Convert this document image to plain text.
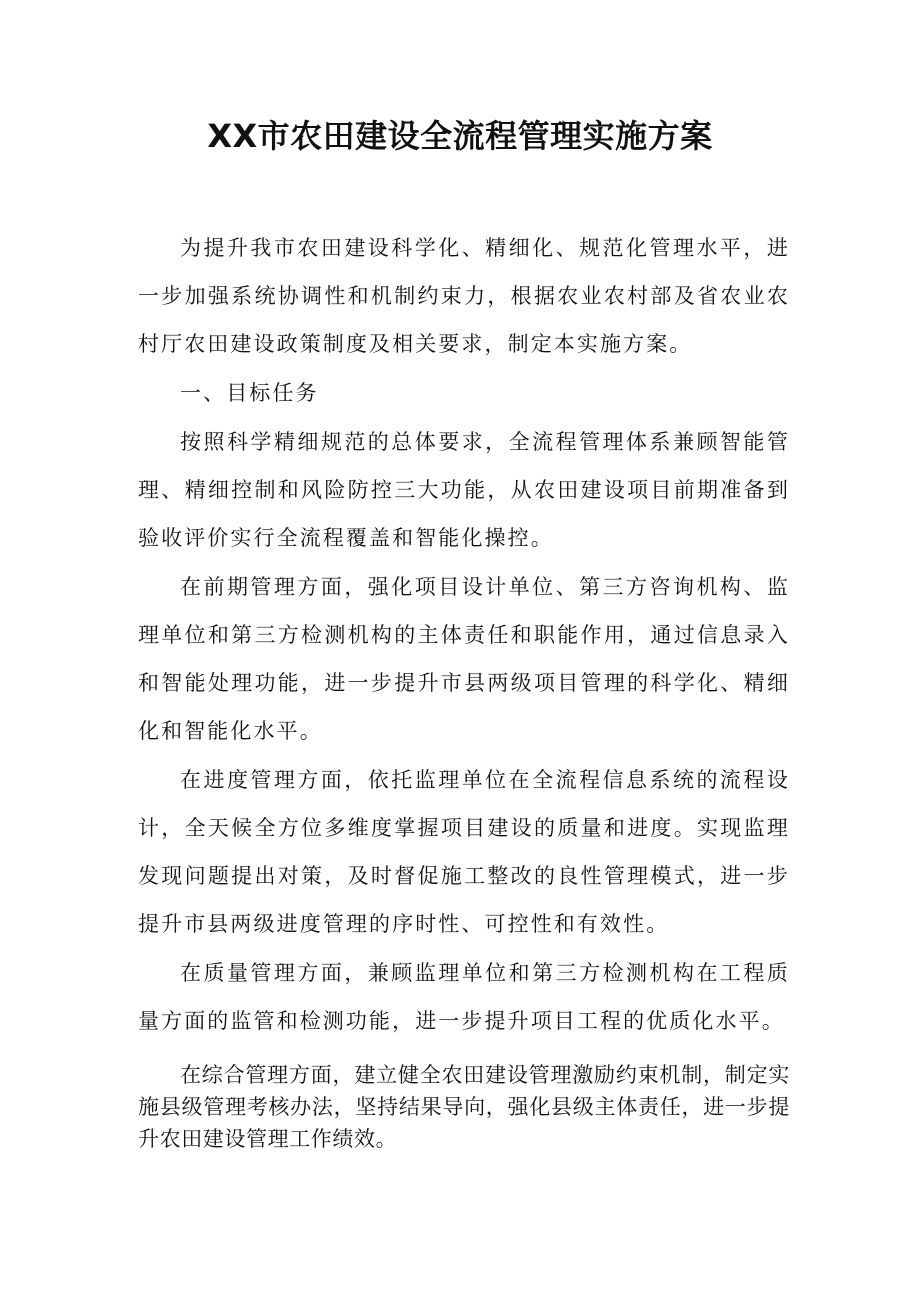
XX市农田建设全流程管理实施方案

为提升我市农田建设科学化、精细化、规范化管理水平，进一步加强系统协调性和机制约束力，根据农业农村部及省农业农村厅农田建设政策制度及相关要求，制定本实施方案。

一、目标任务

按照科学精细规范的总体要求，全流程管理体系兼顾智能管理、精细控制和风险防控三大功能，从农田建设项目前期准备到验收评价实行全流程覆盖和智能化操控。

在前期管理方面，强化项目设计单位、第三方咨询机构、监理单位和第三方检测机构的主体责任和职能作用，通过信息录入和智能处理功能，进一步提升市县两级项目管理的科学化、精细化和智能化水平。

在进度管理方面，依托监理单位在全流程信息系统的流程设计，全天候全方位多维度掌握项目建设的质量和进度。实现监理发现问题提出对策，及时督促施工整改的良性管理模式，进一步提升市县两级进度管理的序时性、可控性和有效性。

在质量管理方面，兼顾监理单位和第三方检测机构在工程质量方面的监管和检测功能，进一步提升项目工程的优质化水平。

在综合管理方面，建立健全农田建设管理激励约束机制，制定实施县级管理考核办法，坚持结果导向，强化县级主体责任，进一步提升农田建设管理工作绩效。
